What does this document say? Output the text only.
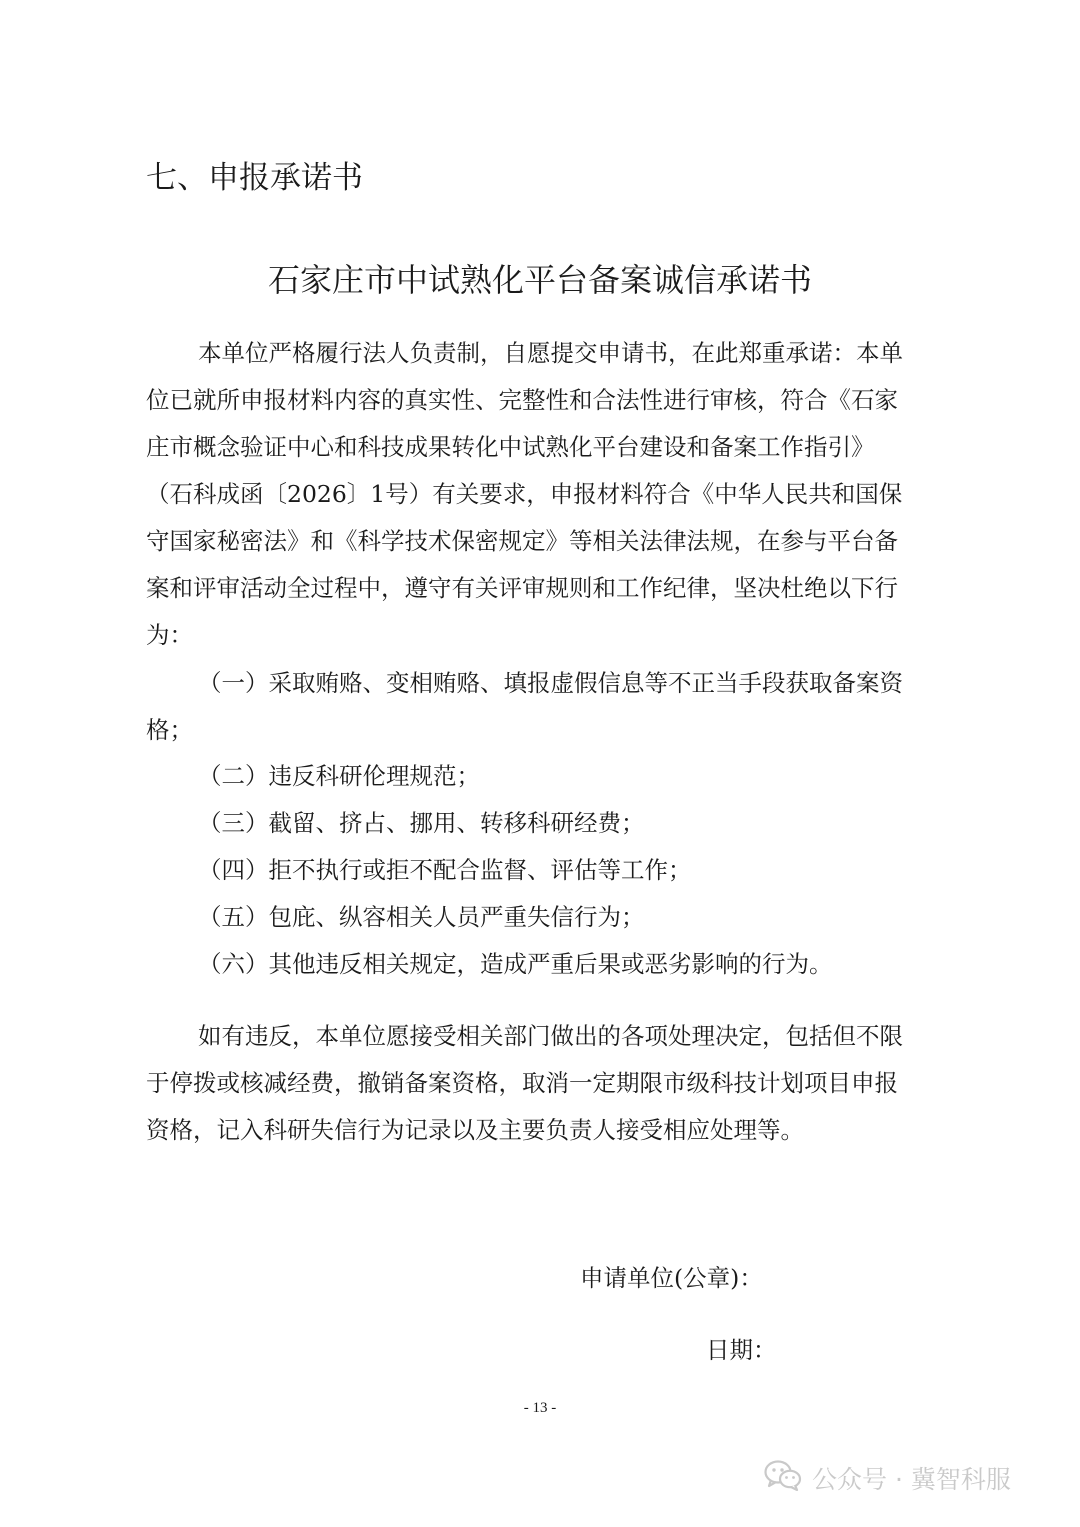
七、申报承诺书
石家庄市中试熟化平台备案诚信承诺书
本单位严格履行法人负责制，自愿提交申请书，在此郑重承诺：本单
位已就所申报材料内容的真实性、完整性和合法性进行审核，符合《石家
庄市概念验证中心和科技成果转化中试熟化平台建设和备案工作指引》
（石科成函〔2026〕1号）有关要求，申报材料符合《中华人民共和国保
守国家秘密法》和《科学技术保密规定》等相关法律法规，在参与平台备
案和评审活动全过程中，遵守有关评审规则和工作纪律，坚决杜绝以下行
为：
（一）采取贿赂、变相贿赂、填报虚假信息等不正当手段获取备案资
格；
（二）违反科研伦理规范；
（三）截留、挤占、挪用、转移科研经费；
（四）拒不执行或拒不配合监督、评估等工作；
（五）包庇、纵容相关人员严重失信行为；
（六）其他违反相关规定，造成严重后果或恶劣影响的行为。
如有违反，本单位愿接受相关部门做出的各项处理决定，包括但不限
于停拨或核减经费，撤销备案资格，取消一定期限市级科技计划项目申报
资格，记入科研失信行为记录以及主要负责人接受相应处理等。
申请单位(公章)：
日期：
- 13 -
公众号 · 冀智科服
